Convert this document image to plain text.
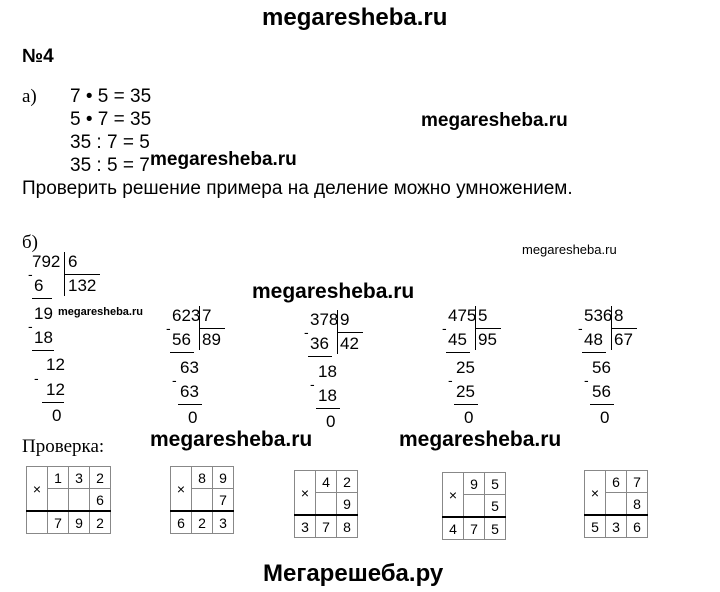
megaresheba.ru
megaresheba.ru
megaresheba.ru
megaresheba.ru
megaresheba.ru
megaresheba.ru
megaresheba.ru	megaresheba.ru
Мегарешеба.ру
№4
а) 7 • 5 = 35
5 • 7 = 35
35 : 7 = 5
35 : 5 = 7
Проверить решение примера на деление можно умножением.
б)
792 6
132
-
6
19
-
18
12
-
12
0
623 7
89
-
56
63
-
63
0
378 9
42
-
36
18
-
18
0
475 5
95
-
45
25
-
25
0
536 8
67
-
48
56
-
56
0
Проверка:
×	1	3	2
			6
	7	9	2
×	8	9
		7
6	2	3
×	4	2
		9
3	7	8
×	9	5
		5
4	7	5
×	6	7
		8
5	3	6
